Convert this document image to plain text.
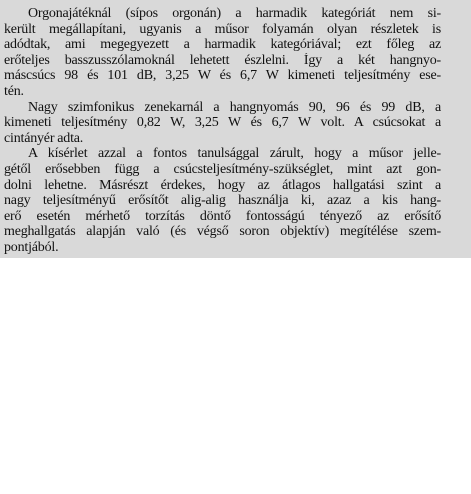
Orgonajátéknál (sípos orgonán) a harmadik kategóriát nem si-
került megállapítani, ugyanis a műsor folyamán olyan részletek is
adódtak, ami megegyezett a harmadik kategóriával; ezt főleg az
erőteljes basszusszólamoknál lehetett észlelni. Így a két hangnyo-
máscsúcs 98 és 101 dB, 3,25 W és 6,7 W kimeneti teljesítmény ese-
tén.
Nagy szimfonikus zenekarnál a hangnyomás 90, 96 és 99 dB, a
kimeneti teljesítmény 0,82 W, 3,25 W és 6,7 W volt. A csúcsokat a
cintányér adta.
A kísérlet azzal a fontos tanulsággal zárult, hogy a műsor jelle-
gétől erősebben függ a csúcsteljesítmény-szükséglet, mint azt gon-
dolni lehetne. Másrészt érdekes, hogy az átlagos hallgatási szint a
nagy teljesítményű erősítőt alig-alig használja ki, azaz a kis hang-
erő esetén mérhető torzítás döntő fontosságú tényező az erősítő
meghallgatás alapján való (és végső soron objektív) megítélése szem-
pontjából.
